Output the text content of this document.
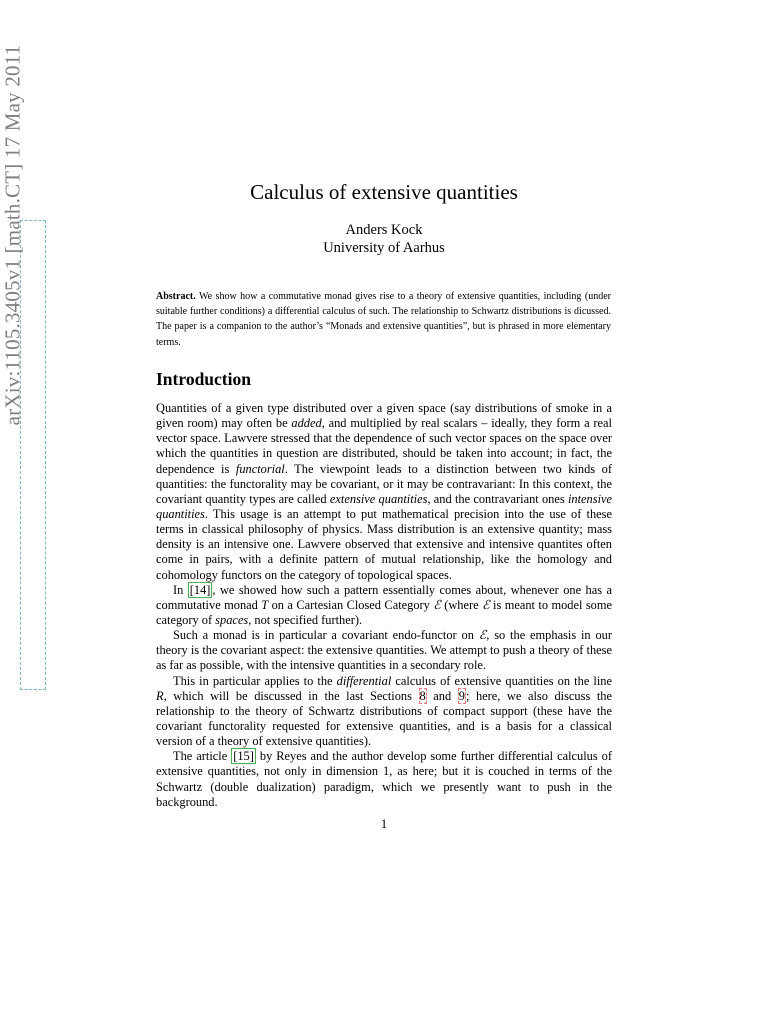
arXiv:1105.3405v1 [math.CT] 17 May 2011	Calculus of extensive quantities
Anders Kock
University of Aarhus
Abstract. We show how a commutative monad gives rise to a theory of extensive quantities, including (under suitable further conditions) a differential calculus of such. The relationship to Schwartz distributions is dicussed. The paper is a companion to the author’s “Monads and extensive quantities”, but is phrased in more elementary terms.
Introduction

Quantities of a given type distributed over a given space (say distributions of smoke in a given room) may often be added, and multiplied by real scalars – ideally, they form a real vector space. Lawvere stressed that the dependence of such vector spaces on the space over which the quantities in question are distributed, should be taken into account; in fact, the dependence is functorial. The viewpoint leads to a distinction between two kinds of quantities: the functorality may be covariant, or it may be contravariant: In this context, the covariant quantity types are called extensive quantities, and the contravariant ones intensive quantities. This usage is an attempt to put mathematical precision into the use of these terms in classical philosophy of physics. Mass distribution is an extensive quantity; mass density is an intensive one. Lawvere observed that extensive and intensive quantites often come in pairs, with a definite pattern of mutual relationship, like the homology and cohomology functors on the category of topological spaces.

In [14] , we showed how such a pattern essentially comes about, whenever one has a commutative monad T on a Cartesian Closed Category ℰ (where ℰ is meant to model some category of spaces, not specified further).

Such a monad is in particular a covariant endo-functor on ℰ, so the emphasis in our theory is the covariant aspect: the extensive quantities. We attempt to push a theory of these as far as possible, with the intensive quantities in a secondary role.

This in particular applies to the differential calculus of extensive quantities on the line R, which will be discussed in the last Sections 8 and 9; here, we also discuss the relationship to the theory of Schwartz distributions of compact support (these have the covariant functorality requested for extensive quantities, and is a basis for a classical version of a theory of extensive quantities).

The article [15] by Reyes and the author develop some further differential calculus of extensive quantities, not only in dimension 1, as here; but it is couched in terms of the Schwartz (double dualization) paradigm, which we presently want to push in the background.

1
